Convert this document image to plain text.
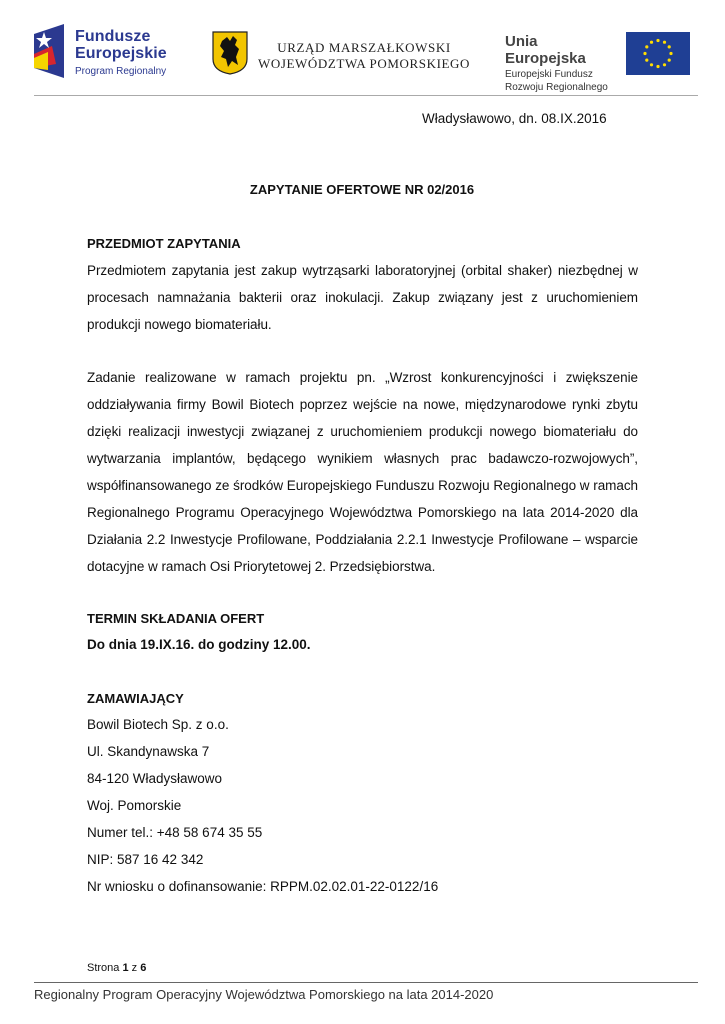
Fundusze
Europejskie
Program Regionalny
URZĄD MARSZAŁKOWSKI
WOJEWÓDZTWA POMORSKIEGO
Unia Europejska
Europejski Fundusz
Rozwoju Regionalnego
Władysławowo, dn. 08.IX.2016
ZAPYTANIE OFERTOWE NR 02/2016
PRZEDMIOT ZAPYTANIA
Przedmiotem zapytania jest zakup wytrząsarki laboratoryjnej (orbital shaker) niezbędnej w procesach namnażania bakterii oraz inokulacji. Zakup związany jest z uruchomieniem produkcji nowego biomateriału.
Zadanie realizowane w ramach projektu pn. „Wzrost konkurencyjności i zwiększenie oddziaływania firmy Bowil Biotech poprzez wejście na nowe, międzynarodowe rynki zbytu dzięki realizacji inwestycji związanej z uruchomieniem produkcji nowego biomateriału do wytwarzania implantów, będącego wynikiem własnych prac badawczo-rozwojowych”, współfinansowanego ze środków Europejskiego Funduszu Rozwoju Regionalnego w ramach Regionalnego Programu Operacyjnego Województwa Pomorskiego na lata 2014-2020 dla Działania 2.2 Inwestycje Profilowane, Poddziałania 2.2.1 Inwestycje Profilowane – wsparcie dotacyjne w ramach Osi Priorytetowej 2. Przedsiębiorstwa.
TERMIN SKŁADANIA OFERT
Do dnia 19.IX.16. do godziny 12.00.
ZAMAWIAJĄCY
Bowil Biotech Sp. z o.o.
Ul. Skandynawska 7
84-120 Władysławowo
Woj. Pomorskie
Numer tel.: +48 58 674 35 55
NIP: 587 16 42 342
Nr wniosku o dofinansowanie: RPPM.02.02.01-22-0122/16
Strona 1 z 6
Regionalny Program Operacyjny Województwa Pomorskiego na lata 2014-2020
